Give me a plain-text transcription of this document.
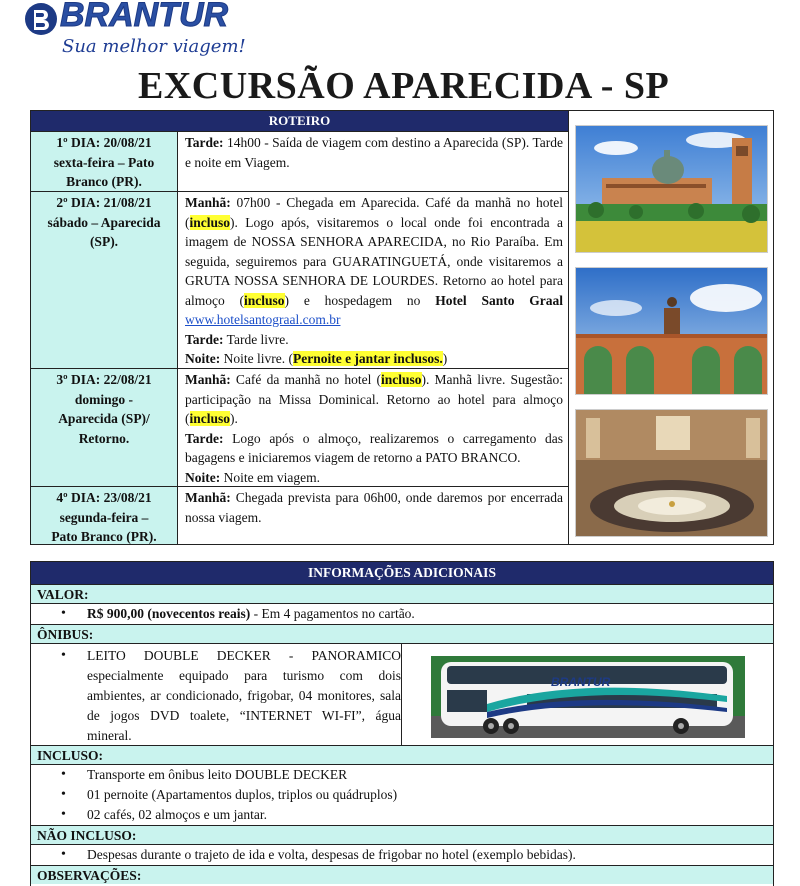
BRANTUR
Sua melhor viagem!
EXCURSÃO APARECIDA - SP
ROTEIRO
1º DIA: 20/08/21
sexta-feira – Pato
Branco (PR).
Tarde: 14h00 - Saída de viagem com destino a Aparecida (SP). Tarde e noite em Viagem.
2º DIA: 21/08/21
sábado – Aparecida
(SP).
Manhã: 07h00 - Chegada em Aparecida. Café da manhã no hotel (incluso). Logo após, visitaremos o local onde foi encontrada a imagem de NOSSA SENHORA APARECIDA, no Rio Paraíba. Em seguida, seguiremos para GUARATINGUETÁ, onde visitaremos a GRUTA NOSSA SENHORA DE LOURDES. Retorno ao hotel para almoço (incluso) e hospedagem no Hotel Santo Graal www.hotelsantograal.com.br
Tarde: Tarde livre.
Noite: Noite livre. (Pernoite e jantar inclusos.)
3º DIA: 22/08/21
domingo -
Aparecida (SP)/
Retorno.
Manhã: Café da manhã no hotel (incluso). Manhã livre. Sugestão: participação na Missa Dominical. Retorno ao hotel para almoço (incluso).
Tarde: Logo após o almoço, realizaremos o carregamento das bagagens e iniciaremos viagem de retorno a PATO BRANCO.
Noite: Noite em viagem.
4º DIA: 23/08/21
segunda-feira –
Pato Branco (PR).
Manhã: Chegada prevista para 06h00, onde daremos por encerrada nossa viagem.
INFORMAÇÕES ADICIONAIS
VALOR:
• R$ 900,00 (novecentos reais) - Em 4 pagamentos no cartão.
ÔNIBUS:
• LEITO DOUBLE DECKER - PANORAMICO especialmente equipado para turismo com dois ambientes, ar condicionado, frigobar, 04 monitores, sala de jogos DVD toalete, “INTERNET WI-FI”, água mineral.
BRANTUR
INCLUSO:
• Transporte em ônibus leito DOUBLE DECKER
• 01 pernoite (Apartamentos duplos, triplos ou quádruplos)
• 02 cafés, 02 almoços e um jantar.
NÃO INCLUSO:
• Despesas durante o trajeto de ida e volta, despesas de frigobar no hotel (exemplo bebidas).
OBSERVAÇÕES:
